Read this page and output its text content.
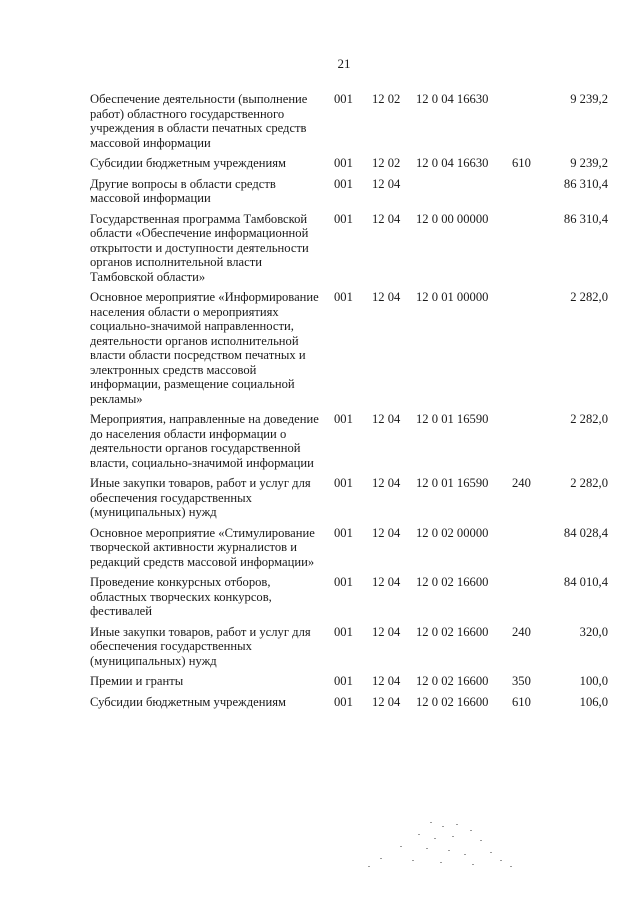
21
Обеспечение деятельности (выполнение работ) областного государственного учреждения в области печатных средств массовой информации	001	12 02	12 0 04 16630		9 239,2
Субсидии бюджетным учреждениям	001	12 02	12 0 04 16630	610	9 239,2
Другие вопросы в области средств массовой информации	001	12 04			86 310,4
Государственная программа Тамбовской области «Обеспечение информационной открытости и доступности деятельности органов исполнительной власти Тамбовской области»	001	12 04	12 0 00 00000		86 310,4
Основное мероприятие «Информирование населения области о мероприятиях социально-значимой направленности, деятельности органов исполнительной власти области посредством печатных и электронных средств массовой информации, размещение социальной рекламы»	001	12 04	12 0 01 00000		2 282,0
Мероприятия, направленные на доведение до населения области информации о деятельности органов государственной власти, социально-значимой информации	001	12 04	12 0 01 16590		2 282,0
Иные закупки товаров, работ и услуг для обеспечения государственных (муниципальных) нужд	001	12 04	12 0 01 16590	240	2 282,0
Основное мероприятие «Стимулирование творческой активности журналистов и редакций средств массовой информации»	001	12 04	12 0 02 00000		84 028,4
Проведение конкурсных отборов, областных творческих конкурсов, фестивалей	001	12 04	12 0 02 16600		84 010,4
Иные закупки товаров, работ и услуг для обеспечения государственных (муниципальных) нужд	001	12 04	12 0 02 16600	240	320,0
Премии и гранты	001	12 04	12 0 02 16600	350	100,0
Субсидии бюджетным учреждениям	001	12 04	12 0 02 16600	610	106,0
